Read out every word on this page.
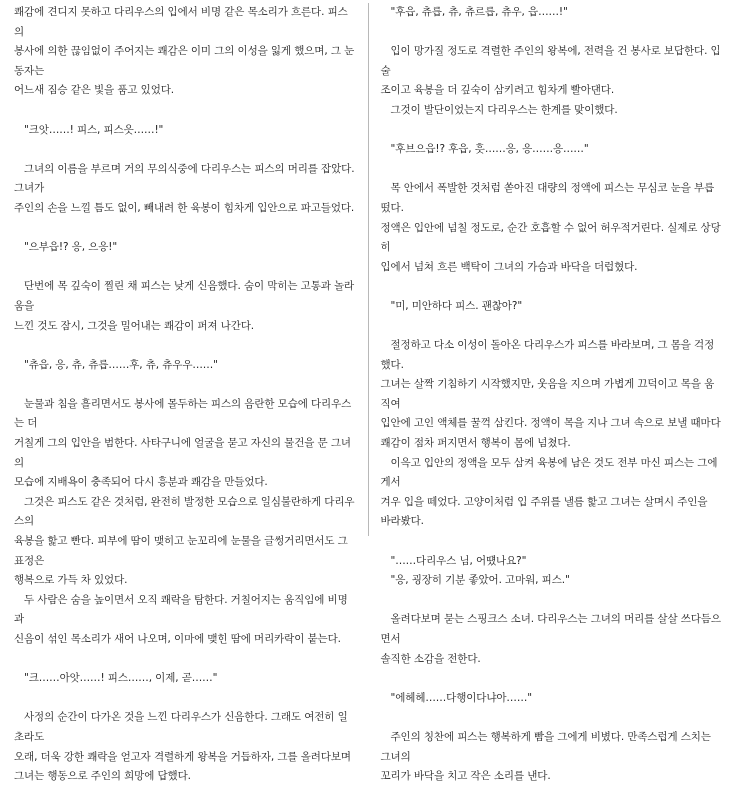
쾌감에 견디지 못하고 다리우스의 입에서 비명 같은 목소리가 흐른다. 피스의
봉사에 의한 끊임없이 주어지는 쾌감은 이미 그의 이성을 잃게 했으며, 그 눈동자는
어느새 짐승 같은 빛을 품고 있었다.

"크앗……! 피스, 피스읏……!"

그녀의 이름을 부르며 거의 무의식중에 다리우스는 피스의 머리를 잡았다. 그녀가
주인의 손을 느낄 틈도 없이, 빼내려 한 육봉이 힘차게 입안으로 파고들었다.

"으부읍!? 응, 으응!"

단번에 목 깊숙이 찔린 채 피스는 낮게 신음했다. 숨이 막히는 고통과 놀라움을
느낀 것도 잠시, 그것을 밀어내는 쾌감이 퍼져 나간다.

"츄읍, 응, 츄, 츄릅……후, 츄, 츄우우……"

눈물과 침을 흘리면서도 봉사에 몰두하는 피스의 음란한 모습에 다리우스는 더
거칠게 그의 입안을 범한다. 사타구니에 얼굴을 묻고 자신의 물건을 문 그녀의
모습에 지배욕이 충족되어 다시 흥분과 쾌감을 만들었다.

그것은 피스도 같은 것처럼, 완전히 발정한 모습으로 일심불란하게 다리우스의
육봉을 핥고 빤다. 피부에 땀이 맺히고 눈꼬리에 눈물을 글썽거리면서도 그 표정은
행복으로 가득 차 있었다.

두 사람은 숨을 높이면서 오직 쾌락을 탐한다. 거칠어지는 움직임에 비명과
신음이 섞인 목소리가 새어 나오며, 이마에 맺힌 땀에 머리카락이 붙는다.

"크……아앗……! 피스……, 이제, 곧……"

사정의 순간이 다가온 것을 느낀 다리우스가 신음한다. 그래도 여전히 일 초라도
오래, 더욱 강한 쾌락을 얻고자 격렬하게 왕복을 거듭하자, 그를 올려다보며
그녀는 행동으로 주인의 희망에 답했다.

"후읍, 츄릅, 츄, 츄르릅, 츄우, 읍……!"

입이 망가질 정도로 격렬한 주인의 왕복에, 전력을 건 봉사로 보답한다. 입술
조이고 육봉을 더 깊숙이 삼키려고 힘차게 빨아댄다.

그것이 발단이었는지 다리우스는 한계를 맞이했다.

"후브으읍!? 후읍, 흣……응, 응……응……"

목 안에서 폭발한 것처럼 쏟아진 대량의 정액에 피스는 무심코 눈을 부릅떴다.
정액은 입안에 넘칠 정도로, 순간 호흡할 수 없어 허우적거린다. 실제로 상당히
입에서 넘쳐 흐른 백탁이 그녀의 가슴과 바닥을 더럽혔다.

"미, 미안하다 피스. 괜찮아?"

절정하고 다소 이성이 돌아온 다리우스가 피스를 바라보며, 그 몸을 걱정했다.
그녀는 살짝 기침하기 시작했지만, 웃음을 지으며 가볍게 끄덕이고 목을 움직여
입안에 고인 액체를 꿀꺽 삼킨다. 정액이 목을 지나 그녀 속으로 보낼 때마다
쾌감이 점차 퍼지면서 행복이 몸에 넘쳤다.

이윽고 입안의 정액을 모두 삼켜 육봉에 남은 것도 전부 마신 피스는 그에게서
겨우 입을 떼었다. 고양이처럼 입 주위를 낼름 핥고 그녀는 살며시 주인을
바라봤다.

"……다리우스 님, 어떘나요?"

"응, 굉장히 기분 좋았어. 고마워, 피스."

올려다보며 묻는 스핑크스 소녀. 다리우스는 그녀의 머리를 살살 쓰다듬으면서
솔직한 소감을 전한다.

"에헤헤……다행이다냐아……"

주인의 칭찬에 피스는 행복하게 빰을 그에게 비볐다. 만족스럽게 스치는 그녀의
꼬리가 바닥을 치고 작은 소리를 낸다.
